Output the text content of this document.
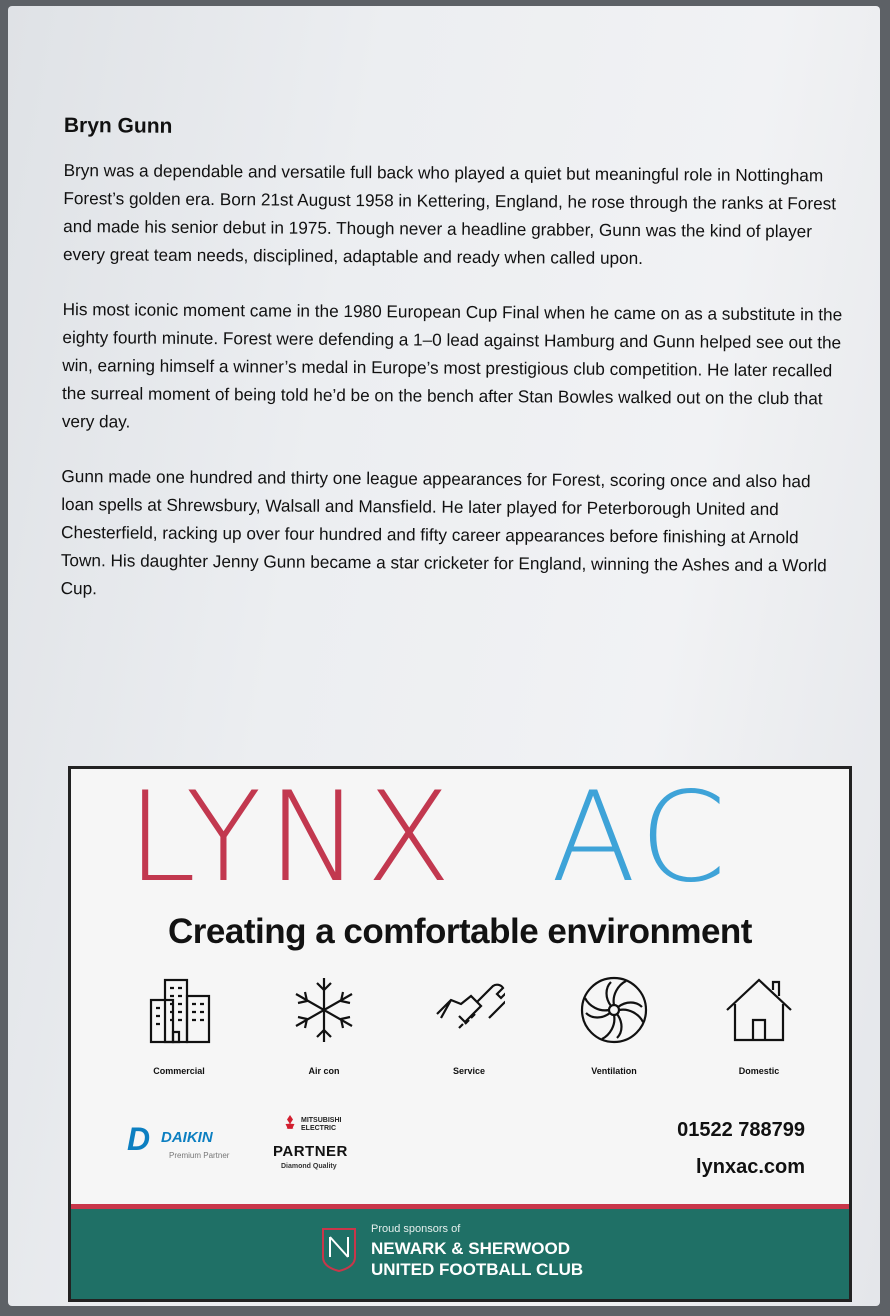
Bryn Gunn

Bryn was a dependable and versatile full back who played a quiet but meaningful role in Nottingham Forest’s golden era. Born 21st August 1958 in Kettering, England, he rose through the ranks at Forest and made his senior debut in 1975. Though never a headline grabber, Gunn was the kind of player every great team needs, disciplined, adaptable and ready when called upon.

His most iconic moment came in the 1980 European Cup Final when he came on as a substitute in the eighty fourth minute. Forest were defending a 1–0 lead against Hamburg and Gunn helped see out the win, earning himself a winner’s medal in Europe’s most prestigious club competition. He later recalled the surreal moment of being told he’d be on the bench after Stan Bowles walked out on the club that very day.

Gunn made one hundred and thirty one league appearances for Forest, scoring once and also had loan spells at Shrewsbury, Walsall and Mansfield. He later played for Peterborough United and Chesterfield, racking up over four hundred and fifty career appearances before finishing at Arnold Town. His daughter Jenny Gunn became a star cricketer for England, winning the Ashes and a World Cup.

LYNX AC
Creating a comfortable environment
Commercial	Air con	Service	Ventilation	Domestic
D DAIKIN
Premium Partner
MITSUBISHI ELECTRIC
PARTNER
Diamond Quality
01522 788799
lynxac.com
Proud sponsors of
NEWARK & SHERWOOD
UNITED FOOTBALL CLUB
